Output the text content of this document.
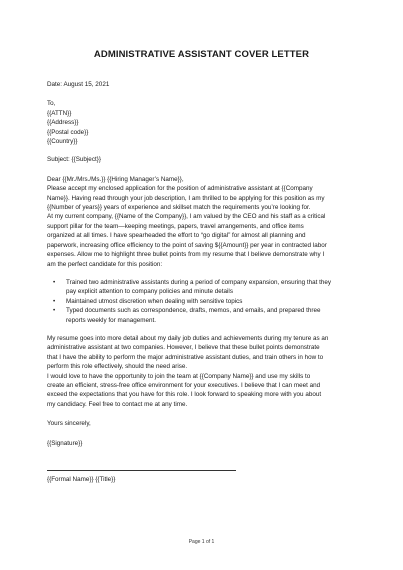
ADMINISTRATIVE ASSISTANT COVER LETTER

Date: August 15, 2021

To,
{{ATTN}}
{{Address}}
{{Postal code}}
{{Country}}

Subject: {{Subject}}

Dear {{Mr./Mrs./Ms.}} {{Hiring Manager’s Name}},

Please accept my enclosed application for the position of administrative assistant at {{Company
Name}}. Having read through your job description, I am thrilled to be applying for this position as my
{{Number of years}} years of experience and skillset match the requirements you’re looking for.
At my current company, {{Name of the Company}}, I am valued by the CEO and his staff as a critical
support pillar for the team—keeping meetings, papers, travel arrangements, and office items
organized at all times. I have spearheaded the effort to “go digital” for almost all planning and
paperwork, increasing office efficiency to the point of saving ${{Amount}} per year in contracted labor
expenses. Allow me to highlight three bullet points from my resume that I believe demonstrate why I
am the perfect candidate for this position:
• Trained two administrative assistants during a period of company expansion, ensuring that they
pay explicit attention to company policies and minute details
• Maintained utmost discretion when dealing with sensitive topics
• Typed documents such as correspondence, drafts, memos, and emails, and prepared three
reports weekly for management.
My resume goes into more detail about my daily job duties and achievements during my tenure as an
administrative assistant at two companies. However, I believe that these bullet points demonstrate
that I have the ability to perform the major administrative assistant duties, and train others in how to
perform this role effectively, should the need arise.
I would love to have the opportunity to join the team at {{Company Name}} and use my skills to
create an efficient, stress-free office environment for your executives. I believe that I can meet and
exceed the expectations that you have for this role. I look forward to speaking more with you about
my candidacy. Feel free to contact me at any time.

Yours sincerely,

{{Signature}}

{{Formal Name}} {{Title}}
Page 1 of 1
